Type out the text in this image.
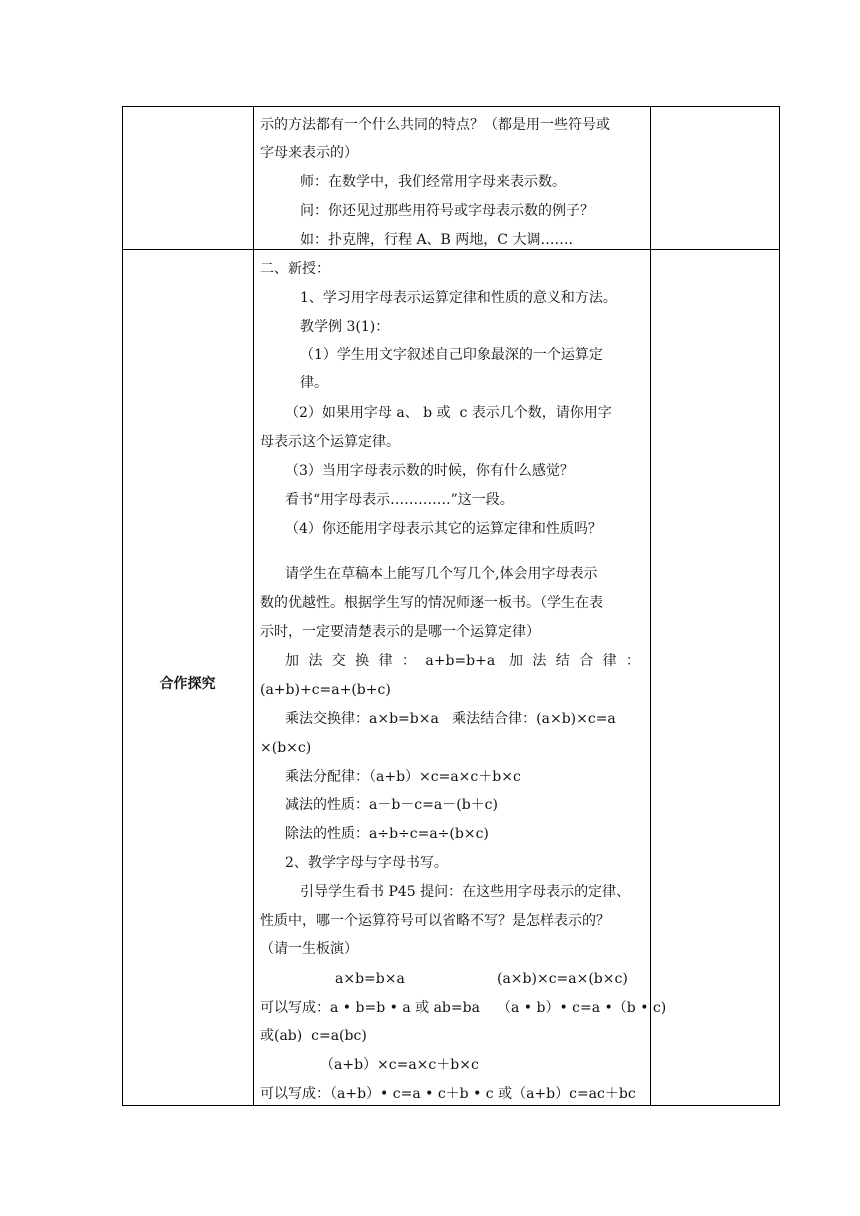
合作探究
示的方法都有一个什么共同的特点？（都是用一些符号或
字母来表示的）
师：在数学中，我们经常用字母来表示数。
问：你还见过那些用符号或字母表示数的例子？
如：扑克牌，行程 A、B 两地，C 大调…….
二、新授：
1、学习用字母表示运算定律和性质的意义和方法。
教学例 3(1)：
（1）学生用文字叙述自己印象最深的一个运算定
律。
（2）如果用字母 a、 b 或  c 表示几个数，请你用字
母表示这个运算定律。
（3）当用字母表示数的时候，你有什么感觉？
看书“用字母表示………….”这一段。
（4）你还能用字母表示其它的运算定律和性质吗？
请学生在草稿本上能写几个写几个,体会用字母表示
数的优越性。根据学生写的情况师逐一板书。（学生在表
示时，一定要清楚表示的是哪一个运算定律）
加法交换律：a+b=b+a 加法结合律：
(a+b)+c=a+(b+c)
乘法交换律：a×b=b×a   乘法结合律：(a×b)×c=a
×(b×c)
乘法分配律：（a+b）×c=a×c＋b×c
减法的性质：a－b－c=a－(b＋c)
除法的性质：a÷b÷c=a÷(b×c)
2、教学字母与字母书写。
引导学生看书 P45 提问：在这些用字母表示的定律、
性质中，哪一个运算符号可以省略不写？是怎样表示的？
（请一生板演）
a×b=b×a	(a×b)×c=a×(b×c)
可以写成：a • b=b • a 或 ab=ba （a • b）• c=a •（b • c)
或(ab)  c=a(bc)
（a+b）×c=a×c＋b×c
可以写成：（a+b）• c=a • c＋b • c 或（a+b）c=ac＋bc
